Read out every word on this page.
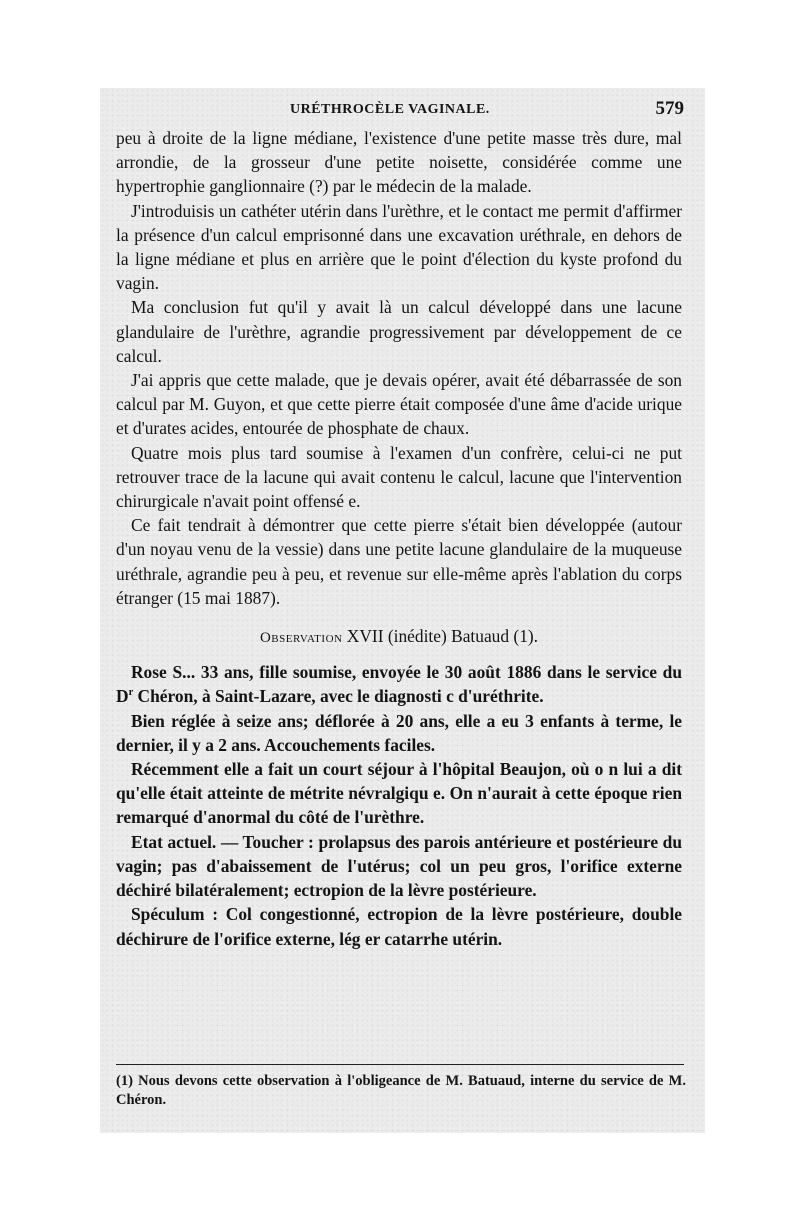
URÉTHROCÈLE VAGINALE.	579

peu à droite de la ligne médiane, l'existence d'une petite masse très dure, mal arrondie, de la grosseur d'une petite noisette, considérée comme une hypertrophie ganglionnaire (?) par le médecin de la malade.

J'introduisis un cathéter utérin dans l'urèthre, et le contact me permit d'affirmer la présence d'un calcul emprisonné dans une excavation uréthrale, en dehors de la ligne médiane et plus en arrière que le point d'élection du kyste profond du vagin.

Ma conclusion fut qu'il y avait là un calcul développé dans une lacune glandulaire de l'urèthre, agrandie progressivement par développement de ce calcul.

J'ai appris que cette malade, que je devais opérer, avait été débarrassée de son calcul par M. Guyon, et que cette pierre était composée d'une âme d'acide urique et d'urates acides, entourée de phosphate de chaux.

Quatre mois plus tard soumise à l'examen d'un confrère, celui-ci ne put retrouver trace de la lacune qui avait contenu le calcul, lacune que l'intervention chirurgicale n'avait point offensé e.

Ce fait tendrait à démontrer que cette pierre s'était bien développée (autour d'un noyau venu de la vessie) dans une petite lacune glandulaire de la muqueuse uréthrale, agrandie peu à peu, et revenue sur elle-même après l'ablation du corps étranger (15 mai 1887).

Observation XVII (inédite) Batuaud (1).

Rose S... 33 ans, fille soumise, envoyée le 30 août 1886 dans le service du $D^r$ Chéron, à Saint-Lazare, avec le diagnosti c d'uréthrite.

Bien réglée à seize ans; déflorée à 20 ans, elle a eu 3 enfants à terme, le dernier, il y a 2 ans. Accouchements faciles.

Récemment elle a fait un court séjour à l'hôpital Beaujon, où o n lui a dit qu'elle était atteinte de métrite névralgiqu e. On n'aurait à cette époque rien remarqué d'anormal du côté de l'urèthre.

Etat actuel. — Toucher : prolapsus des parois antérieure et postérieure du vagin; pas d'abaissement de l'utérus; col un peu gros, l'orifice externe déchiré bilatéralement; ectropion de la lèvre postérieure.

Spéculum : Col congestionné, ectropion de la lèvre postérieure, double déchirure de l'orifice externe, lég er catarrhe utérin.

(1) Nous devons cette observation à l'obligeance de M. Batuaud, interne du service de M. Chéron.
